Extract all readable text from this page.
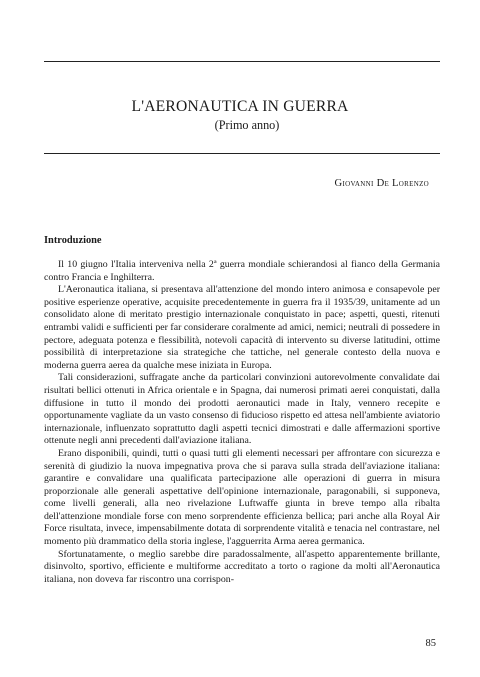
L'AERONAUTICA IN GUERRA
(Primo anno)
Giovanni De Lorenzo
Introduzione

Il 10 giugno l'Italia interveniva nella 2ª guerra mondiale schierandosi al fianco della Germania contro Francia e Inghilterra.

L'Aeronautica italiana, si presentava all'attenzione del mondo intero animosa e consapevole per positive esperienze operative, acquisite precedentemente in guerra fra il 1935/39, unitamente ad un consolidato alone di meritato prestigio internazionale conquistato in pace; aspetti, questi, ritenuti entrambi validi e sufficienti per far considerare coralmente ad amici, nemici; neutrali di possedere in pectore, adeguata potenza e flessibilità, notevoli capacità di intervento su diverse latitudini, ottime possibilità di interpretazione sia strategiche che tattiche, nel generale contesto della nuova e moderna guerra aerea da qualche mese iniziata in Europa.

Tali considerazioni, suffragate anche da particolari convinzioni autorevolmente convalidate dai risultati bellici ottenuti in Africa orientale e in Spagna, dai numerosi primati aerei conquistati, dalla diffusione in tutto il mondo dei prodotti aeronautici made in Italy, vennero recepite e opportunamente vagliate da un vasto consenso di fiducioso rispetto ed attesa nell'ambiente aviatorio internazionale, influenzato soprattutto dagli aspetti tecnici dimostrati e dalle affermazioni sportive ottenute negli anni precedenti dall'aviazione italiana.

Erano disponibili, quindi, tutti o quasi tutti gli elementi necessari per affrontare con sicurezza e serenità di giudizio la nuova impegnativa prova che si parava sulla strada dell'aviazione italiana: garantire e convalidare una qualificata partecipazione alle operazioni di guerra in misura proporzionale alle generali aspettative dell'opinione internazionale, paragonabili, si supponeva, come livelli generali, alla neo rivelazione Luftwaffe giunta in breve tempo alla ribalta dell'attenzione mondiale forse con meno sorprendente efficienza bellica; pari anche alla Royal Air Force risultata, invece, impensabilmente dotata di sorprendente vitalità e tenacia nel contrastare, nel momento più drammatico della storia inglese, l'agguerrita Arma aerea germanica.

Sfortunatamente, o meglio sarebbe dire paradossalmente, all'aspetto apparentemente brillante, disinvolto, sportivo, efficiente e multiforme accreditato a torto o ragione da molti all'Aeronautica italiana, non doveva far riscontro una corrispon-

85
